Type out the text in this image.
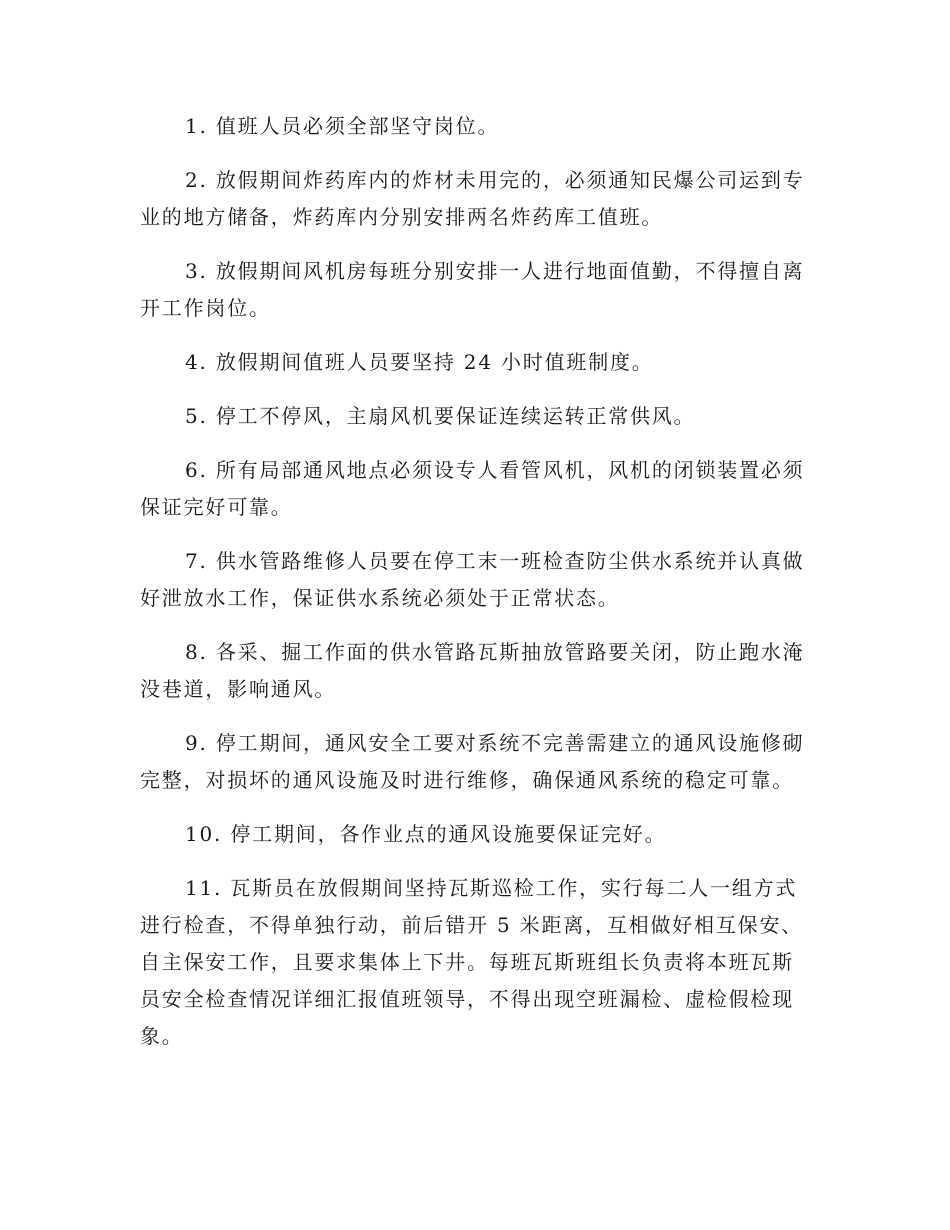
1. 值班人员必须全部坚守岗位。

2. 放假期间炸药库内的炸材未用完的，必须通知民爆公司运到专业的地方储备，炸药库内分别安排两名炸药库工值班。

3. 放假期间风机房每班分别安排一人进行地面值勤，不得擅自离开工作岗位。

4. 放假期间值班人员要坚持 24 小时值班制度。

5. 停工不停风，主扇风机要保证连续运转正常供风。

6. 所有局部通风地点必须设专人看管风机，风机的闭锁装置必须保证完好可靠。

7. 供水管路维修人员要在停工末一班检查防尘供水系统并认真做好泄放水工作，保证供水系统必须处于正常状态。

8. 各采、掘工作面的供水管路瓦斯抽放管路要关闭，防止跑水淹没巷道，影响通风。

9. 停工期间，通风安全工要对系统不完善需建立的通风设施修砌完整，对损坏的通风设施及时进行维修，确保通风系统的稳定可靠。

10. 停工期间，各作业点的通风设施要保证完好。

11. 瓦斯员在放假期间坚持瓦斯巡检工作，实行每二人一组方式进行检查，不得单独行动，前后错开 5 米距离，互相做好相互保安、自主保安工作，且要求集体上下井。每班瓦斯班组长负责将本班瓦斯员安全检查情况详细汇报值班领导，不得出现空班漏检、虚检假检现象。
